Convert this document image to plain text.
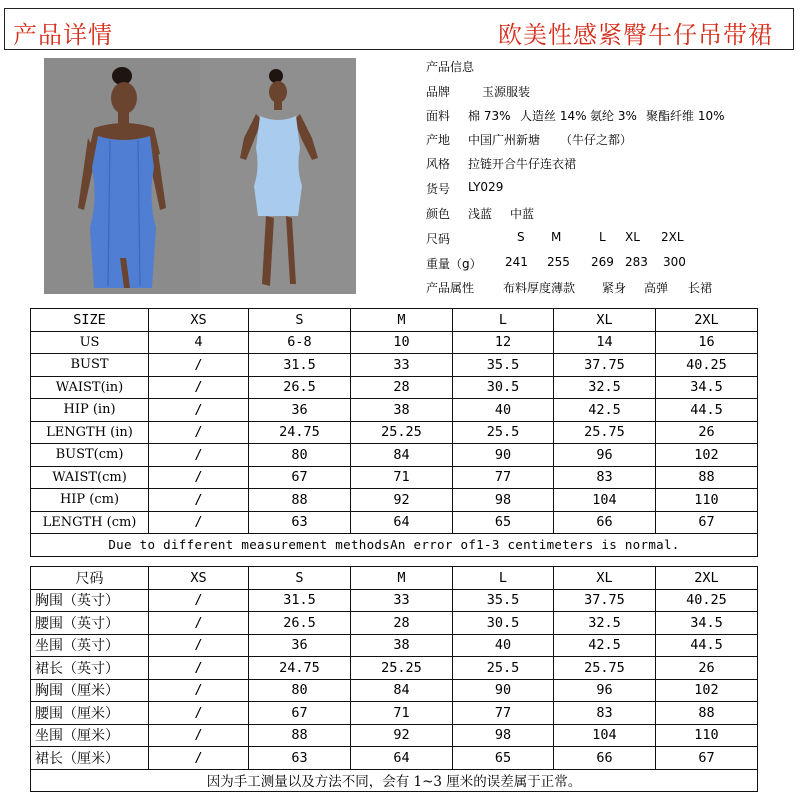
产品详情	欧美性感紧臀牛仔吊带裙
产品信息
品牌	玉源服装
面料 棉 73% 人造丝 14% 氨纶 3% 聚酯纤维 10%
产地 中国广州新塘 （牛仔之都）
风格 拉链开合牛仔连衣裙
货号 LY029
颜色 浅蓝 中蓝
尺码	S M	L XL 2XL
重量（g） 241 255 269 283 300
产品属性 布料厚度薄款 紧身 高弹 长裙
SIZE	XS	S	M	L	XL	2XL
US	4	6-8	10	12	14	16
BUST	/	31.5	33	35.5	37.75	40.25
WAIST(in)	/	26.5	28	30.5	32.5	34.5
HIP (in)	/	36	38	40	42.5	44.5
LENGTH (in)	/	24.75	25.25	25.5	25.75	26
BUST(cm)	/	80	84	90	96	102
WAIST(cm)	/	67	71	77	83	88
HIP (cm)	/	88	92	98	104	110
LENGTH (cm)	/	63	64	65	66	67
Due to different measurement methodsAn error of1-3 centimeters is normal.						
尺码	XS	S	M	L	XL	2XL
胸围（英寸）	/	31.5	33	35.5	37.75	40.25
腰围（英寸）	/	26.5	28	30.5	32.5	34.5
坐围（英寸）	/	36	38	40	42.5	44.5
裙长（英寸）	/	24.75	25.25	25.5	25.75	26
胸围（厘米）	/	80	84	90	96	102
腰围（厘米）	/	67	71	77	83	88
坐围（厘米）	/	88	92	98	104	110
裙长（厘米）	/	63	64	65	66	67
因为手工测量以及方法不同，会有 1~3 厘米的误差属于正常。						
